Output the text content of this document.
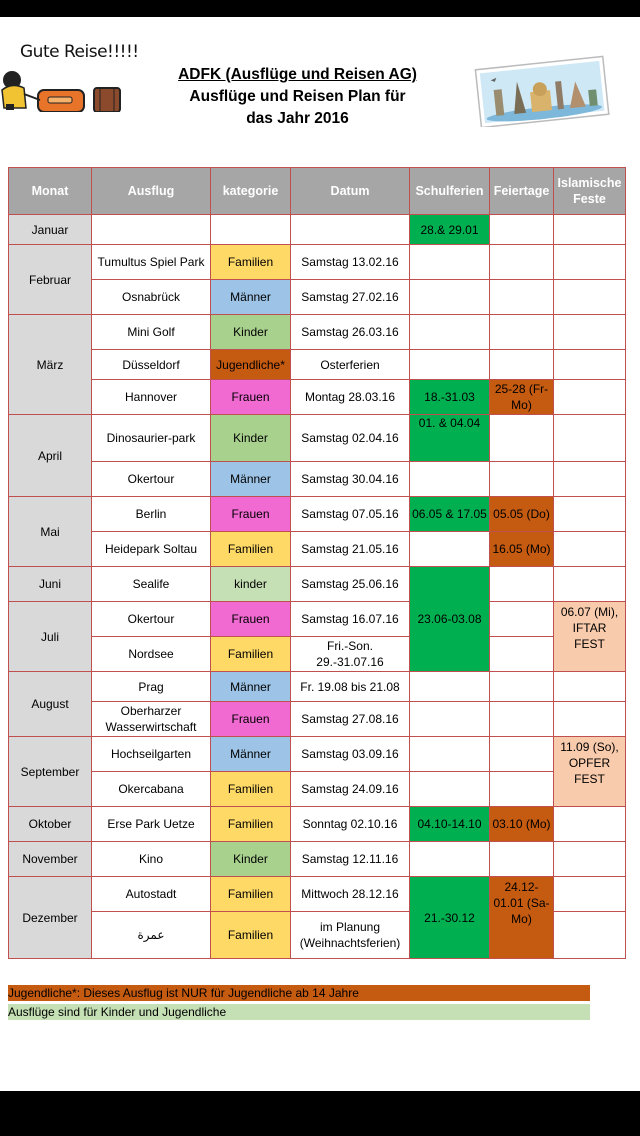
Gute Reise!!!!!
ADFK (Ausflüge und Reisen AG)
Ausflüge und Reisen Plan für
das Jahr 2016
Monat	Ausflug	kategorie	Datum	Schulferien	Feiertage	Islamische Feste
Januar				28.& 29.01		
Februar	Tumultus Spiel Park	Familien	Samstag 13.02.16			
	Osnabrück	Männer	Samstag 27.02.16			
März	Mini Golf	Kinder	Samstag 26.03.16			
	Düsseldorf	Jugendliche*	Osterferien			
	Hannover	Frauen	Montag 28.03.16	18.-31.03	25-28 (Fr-Mo)	
April	Dinosaurier-park	Kinder	Samstag 02.04.16	01. & 04.04		
	Okertour	Männer	Samstag 30.04.16			
Mai	Berlin	Frauen	Samstag 07.05.16	06.05 & 17.05	05.05 (Do)	
	Heidepark Soltau	Familien	Samstag 21.05.16		16.05 (Mo)	
Juni	Sealife	kinder	Samstag 25.06.16	23.06-03.08		
Juli	Okertour	Frauen	Samstag 16.07.16			06.07 (Mi), IFTAR FEST
	Nordsee	Familien	Fri.-Son. 29.-31.07.16			
August	Prag	Männer	Fr. 19.08 bis 21.08			
	Oberharzer Wasserwirtschaft	Frauen	Samstag 27.08.16			
September	Hochseilgarten	Männer	Samstag 03.09.16			11.09 (So), OPFER FEST
	Okercabana	Familien	Samstag 24.09.16			
Oktober	Erse Park Uetze	Familien	Sonntag 02.10.16	04.10-14.10	03.10 (Mo)	
November	Kino	Kinder	Samstag 12.11.16			
Dezember	Autostadt	Familien	Mittwoch 28.12.16	21.-30.12	24.12-01.01 (Sa-Mo)	
	عمرة	Familien	im Planung (Weihnachtsferien)			
Jugendliche*: Dieses Ausflug ist NUR für Jugendliche ab 14 Jahre
Ausflüge sind für Kinder und Jugendliche
